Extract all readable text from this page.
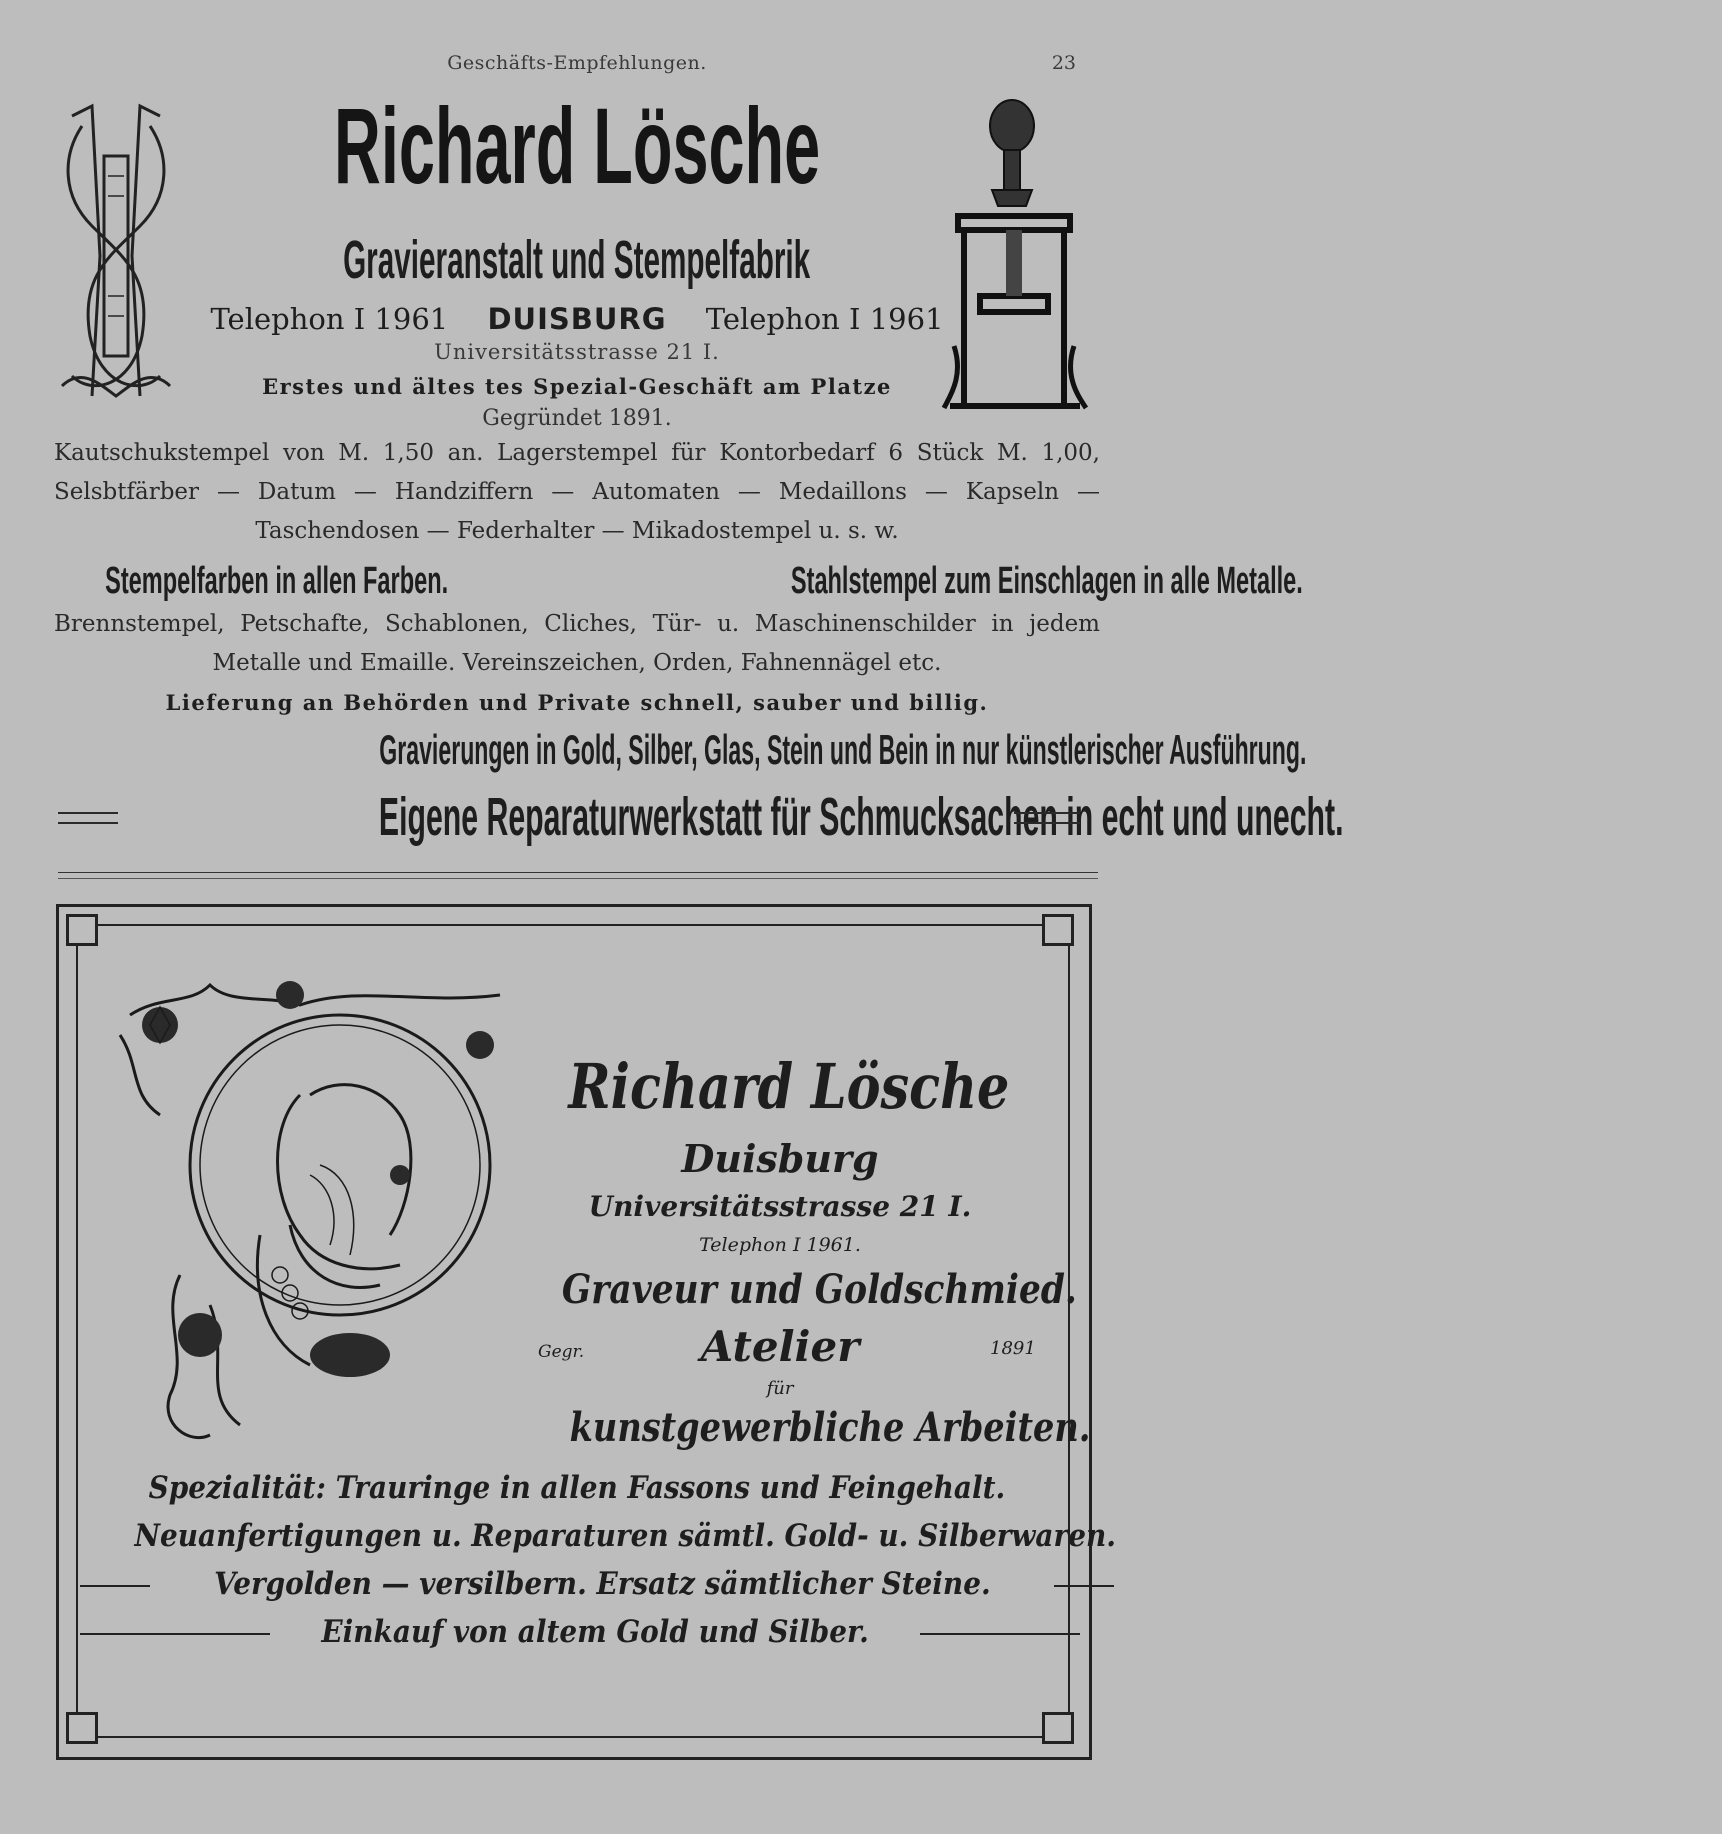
Geschäfts-Empfehlungen.	23
Richard Lösche
Gravieranstalt und Stempelfabrik
Telephon I 1961 DUISBURG Telephon I 1961
Universitätsstrasse 21 I.
Erstes und ältes tes Spezial-Geschäft am Platze
Gegründet 1891.
Kautschukstempel von M. 1,50 an. Lagerstempel für Kontorbedarf 6 Stück M. 1,00,
Selsbtfärber — Datum — Handziffern — Automaten — Medaillons — Kapseln —
Taschendosen — Federhalter — Mikadostempel u. s. w.
Stempelfarben in allen Farben.	Stahlstempel zum Einschlagen in alle Metalle.
Brennstempel, Petschafte, Schablonen, Cliches, Tür- u. Maschinenschilder in jedem
Metalle und Emaille. Vereinszeichen, Orden, Fahnennägel etc.
Lieferung an Behörden und Private schnell, sauber und billig.
Gravierungen in Gold, Silber, Glas, Stein und Bein in nur künstlerischer Ausführung.
Eigene Reparaturwerkstatt für Schmucksachen in echt und unecht.
Richard Lösche
Duisburg
Universitätsstrasse 21 I.
Telephon I 1961.
Graveur und Goldschmied.
Gegr.	Atelier	1891
für
kunstgewerbliche Arbeiten.
Spezialität: Trauringe in allen Fassons und Feingehalt.
Neuanfertigungen u. Reparaturen sämtl. Gold- u. Silberwaren.
Vergolden — versilbern. Ersatz sämtlicher Steine.
Einkauf von altem Gold und Silber.
